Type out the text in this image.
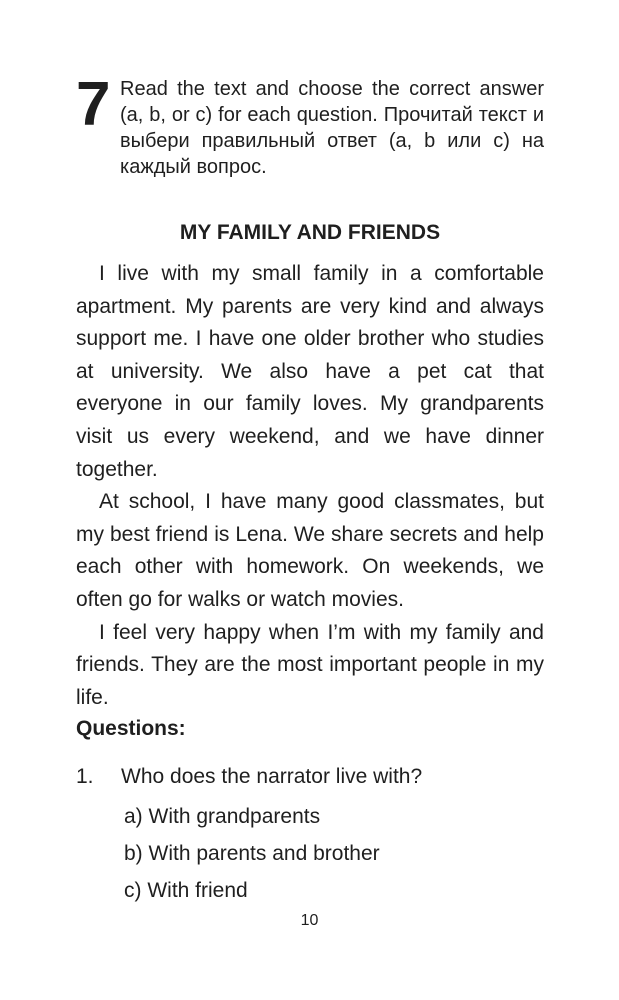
7 Read the text and choose the correct answer (a, b, or c) for each question. Прочитай текст и выбери правильный ответ (a, b или c) на каждый вопрос.
MY FAMILY AND FRIENDS

I live with my small family in a comfortable apartment. My parents are very kind and always support me. I have one older brother who studies at university. We also have a pet cat that everyone in our family loves. My grandparents visit us every weekend, and we have dinner together.

At school, I have many good classmates, but my best friend is Lena. We share secrets and help each other with homework. On weekends, we often go for walks or watch movies.

I feel very happy when I’m with my family and friends. They are the most important people in my life.

Questions:
1. Who does the narrator live with?
a) With grandparents
b) With parents and brother
c) With friend
10
